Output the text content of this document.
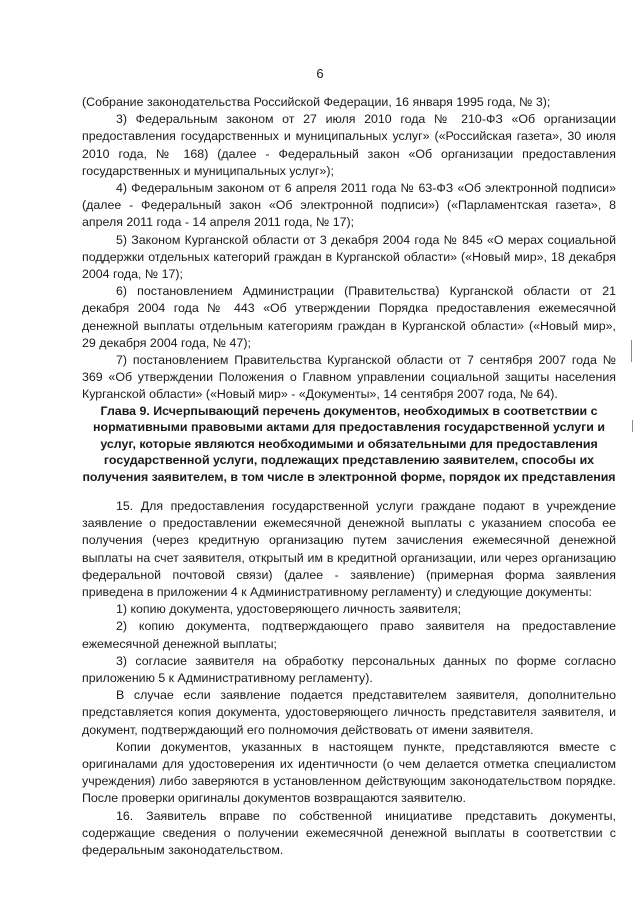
6

(Собрание законодательства Российской Федерации, 16 января 1995 года, № 3);

3) Федеральным законом от 27 июля 2010 года № 210-ФЗ «Об организации предоставления государственных и муниципальных услуг» («Российская газета», 30 июля 2010 года, № 168) (далее - Федеральный закон «Об организации предоставления государственных и муниципальных услуг»);

4) Федеральным законом от 6 апреля 2011 года № 63-ФЗ «Об электронной подписи» (далее - Федеральный закон «Об электронной подписи») («Парламентская газета», 8 апреля 2011 года - 14 апреля 2011 года, № 17);

5) Законом Курганской области от 3 декабря 2004 года № 845 «О мерах социальной поддержки отдельных категорий граждан в Курганской области» («Новый мир», 18 декабря 2004 года, № 17);

6) постановлением Администрации (Правительства) Курганской области от 21 декабря 2004 года № 443 «Об утверждении Порядка предоставления ежемесячной денежной выплаты отдельным категориям граждан в Курганской области» («Новый мир», 29 декабря 2004 года, № 47);

7) постановлением Правительства Курганской области от 7 сентября 2007 года № 369 «Об утверждении Положения о Главном управлении социальной защиты населения Курганской области» («Новый мир» - «Документы», 14 сентября 2007 года, № 64).

Глава 9. Исчерпывающий перечень документов, необходимых в соответствии с нормативными правовыми актами для предоставления государственной услуги и услуг, которые являются необходимыми и обязательными для предоставления государственной услуги, подлежащих представлению заявителем, способы их получения заявителем, в том числе в электронной форме, порядок их представления

15. Для предоставления государственной услуги граждане подают в учреждение заявление о предоставлении ежемесячной денежной выплаты с указанием способа ее получения (через кредитную организацию путем зачисления ежемесячной денежной выплаты на счет заявителя, открытый им в кредитной организации, или через организацию федеральной почтовой связи) (далее - заявление) (примерная форма заявления приведена в приложении 4 к Административному регламенту) и следующие документы:

1) копию документа, удостоверяющего личность заявителя;

2) копию документа, подтверждающего право заявителя на предоставление ежемесячной денежной выплаты;

3) согласие заявителя на обработку персональных данных по форме согласно приложению 5 к Административному регламенту).

В случае если заявление подается представителем заявителя, дополнительно представляется копия документа, удостоверяющего личность представителя заявителя, и документ, подтверждающий его полномочия действовать от имени заявителя.

Копии документов, указанных в настоящем пункте, представляются вместе с оригиналами для удостоверения их идентичности (о чем делается отметка специалистом учреждения) либо заверяются в установленном действующим законодательством порядке. После проверки оригиналы документов возвращаются заявителю.

16. Заявитель вправе по собственной инициативе представить документы, содержащие сведения о получении ежемесячной денежной выплаты в соответствии с федеральным законодательством.
